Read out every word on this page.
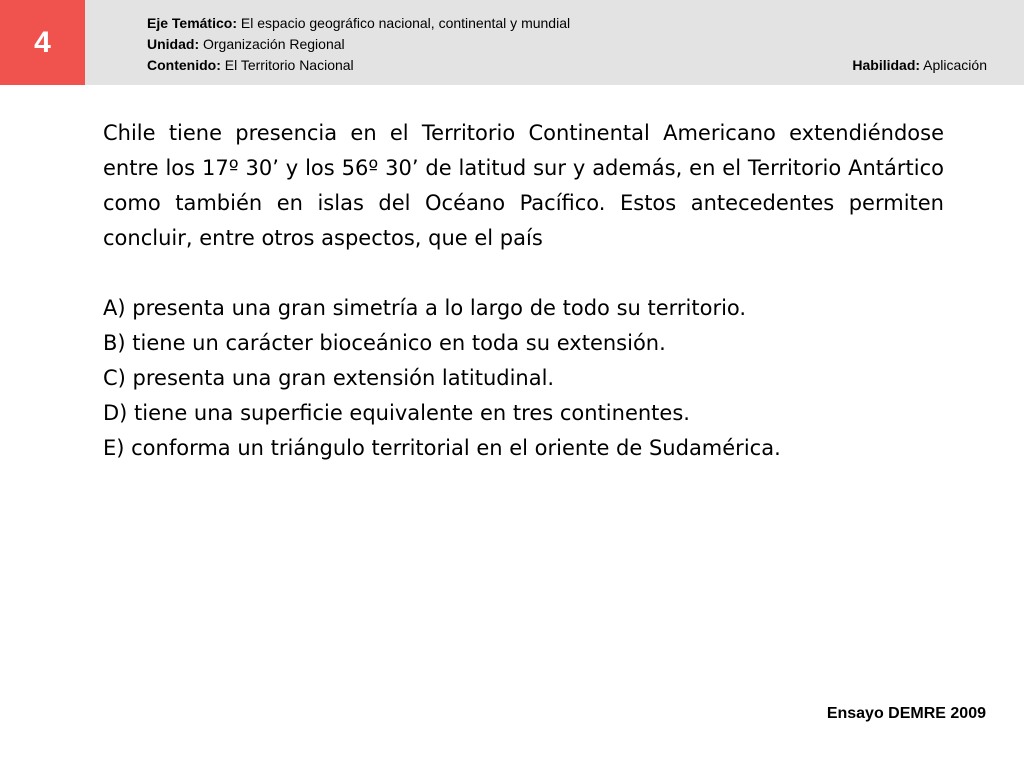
4
Eje Temático: El espacio geográfico nacional, continental y mundial
Unidad: Organización Regional
Contenido: El Territorio Nacional	Habilidad: Aplicación

Chile tiene presencia en el Territorio Continental Americano extendiéndose entre los 17º 30’ y los 56º 30’ de latitud sur y además, en el Territorio Antártico como también en islas del Océano Pacífico. Estos antecedentes permiten concluir, entre otros aspectos, que el país

A) presenta una gran simetría a lo largo de todo su territorio.
B) tiene un carácter bioceánico en toda su extensión.
C) presenta una gran extensión latitudinal.
D) tiene una superficie equivalente en tres continentes.
E) conforma un triángulo territorial en el oriente de Sudamérica.
Ensayo DEMRE 2009
